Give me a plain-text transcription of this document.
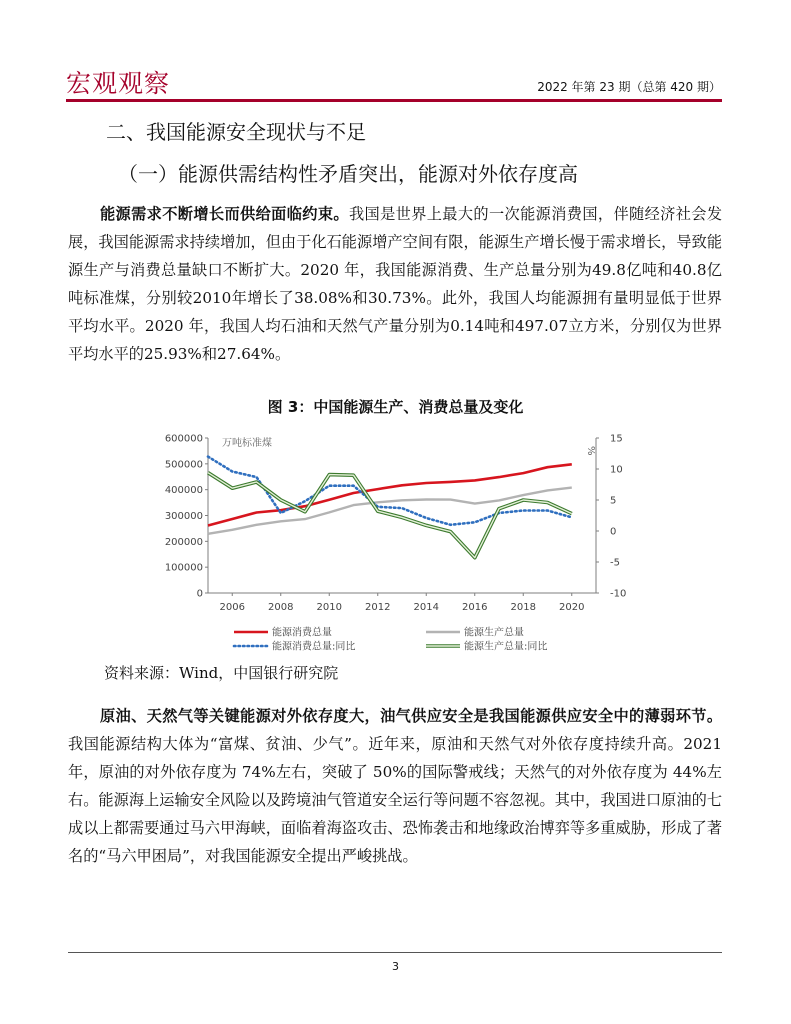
宏观观察	2022 年第 23 期（总第 420 期）
二、我国能源安全现状与不足
（一）能源供需结构性矛盾突出，能源对外依存度高
能源需求不断增长而供给面临约束。我国是世界上最大的一次能源消费国，伴随经济社会发展，我国能源需求持续增加，但由于化石能源增产空间有限，能源生产增长慢于需求增长，导致能源生产与消费总量缺口不断扩大。2020 年，我国能源消费、生产总量分别为49.8亿吨和40.8亿吨标准煤，分别较2010年增长了38.08%和30.73%。此外，我国人均能源拥有量明显低于世界平均水平。2020 年，我国人均石油和天然气产量分别为0.14吨和497.07立方米，分别仅为世界平均水平的25.93%和27.64%。
图 3：中国能源生产、消费总量及变化
0
100000
200000
300000
400000
500000
600000
-10
-5
0
5
10
15
2006 2008 2010 2012 2014 2016 2018 2020
万吨标准煤
%
能源消费总量	能源生产总量
能源消费总量:同比	能源生产总量:同比
资料来源：Wind，中国银行研究院
原油、天然气等关键能源对外依存度大，油气供应安全是我国能源供应安全中的薄弱环节。我国能源结构大体为“富煤、贫油、少气”。近年来，原油和天然气对外依存度持续升高。2021 年，原油的对外依存度为 74%左右，突破了 50%的国际警戒线；天然气的对外依存度为 44%左右。能源海上运输安全风险以及跨境油气管道安全运行等问题不容忽视。其中，我国进口原油的七成以上都需要通过马六甲海峡，面临着海盗攻击、恐怖袭击和地缘政治博弈等多重威胁，形成了著名的“马六甲困局”，对我国能源安全提出严峻挑战。
3
